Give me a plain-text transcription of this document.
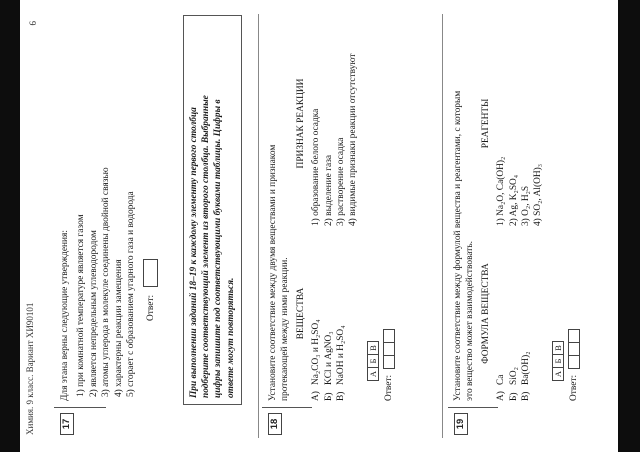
Химия. 9 класс. Вариант ХИ90101
6
17
Для этана верны следующие утверждения: 1) при комнатной температуре является газом 2) является непредельным углеводородом 3) атомы углерода в молекуле соединены двойной связью 4) характерны реакции замещения 5) сгорает с образованием угарного газа и водорода Ответ:	При выполнении заданий 18–19 к каждому элементу первого столбца подберите соответствующий элемент из второго столбца. Выбранные цифры запишите под соответствующими буквами таблицы. Цифры в ответе могут повторяться.
18
Установите соответствие между двумя веществами и признаком протекающей между ними реакции. ВЕЩЕСТВА
А)
Na₂CO₃ и H₂SO₄
Б)
KCl и AgNO₃
В)
NaOH и H₂SO₄
ПРИЗНАК РЕАКЦИИ 1) образование белого осадка 2) выделение газа 3) растворение осадка 4) видимые признаки реакции отсутствуют
А	Б	В
Ответ:

19
Установите соответствие между формулой вещества и реагентами, с которым это вещество может взаимодействовать. ФОРМУЛА ВЕЩЕСТВА
А)
Ca
Б)
SiO₂
В)
Ba(OH)₂
РЕАГЕНТЫ
1) Na₂O, Ca(OH)₂ 2) Ag, K₂SO₄ 3) O₂, H₂S 4) SO₂, Al(OH)₃
А	Б	В
Ответ:
